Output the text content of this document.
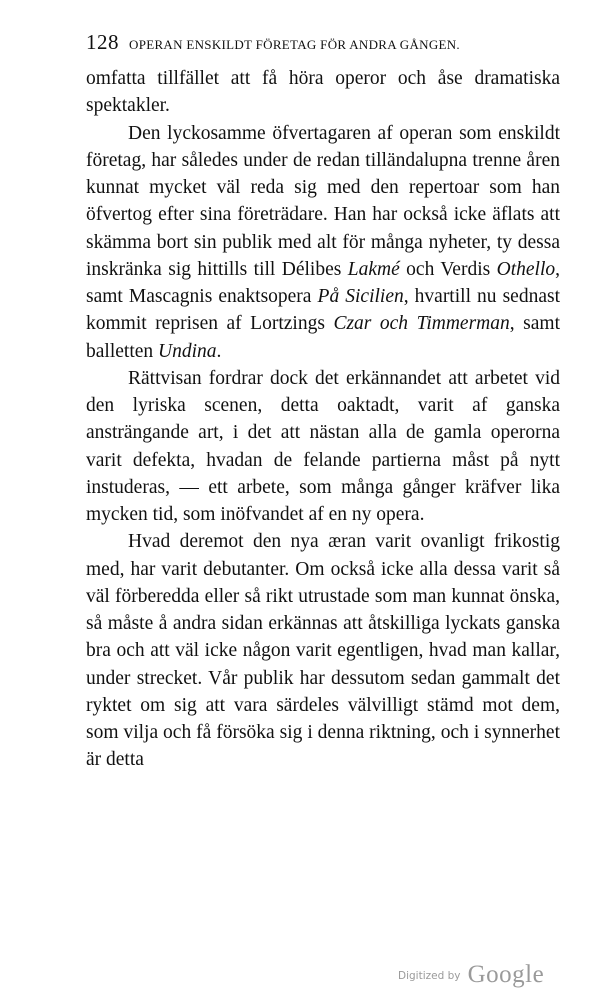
128 OPERAN ENSKILDT FÖRETAG FÖR ANDRA GÅNGEN.

omfatta tillfället att få höra operor och åse dramatiska spektakler.

Den lyckosamme öfvertagaren af operan som enskildt företag, har således under de redan tilländalupna trenne åren kunnat mycket väl reda sig med den repertoar som han öfvertog efter sina företrädare. Han har också icke äflats att skämma bort sin publik med alt för många nyheter, ty dessa inskränka sig hittills till Délibes Lakmé och Verdis Othello, samt Mascagnis enaktsopera På Sicilien, hvartill nu sednast kommit reprisen af Lortzings Czar och Timmerman, samt balletten Undina.

Rättvisan fordrar dock det erkännandet att arbetet vid den lyriska scenen, detta oaktadt, varit af ganska ansträngande art, i det att nästan alla de gamla operorna varit defekta, hvadan de felande partierna måst på nytt instuderas, — ett arbete, som många gånger kräfver lika mycken tid, som inöfvandet af en ny opera.

Hvad deremot den nya æran varit ovanligt frikostig med, har varit debutanter. Om också icke alla dessa varit så väl förberedda eller så rikt utrustade som man kunnat önska, så måste å andra sidan erkännas att åtskilliga lyckats ganska bra och att väl icke någon varit egentligen, hvad man kallar, under strecket. Vår publik har dessutom sedan gammalt det ryktet om sig att vara särdeles välvilligt stämd mot dem, som vilja och få försöka sig i denna riktning, och i synnerhet är detta

Digitized by Google
